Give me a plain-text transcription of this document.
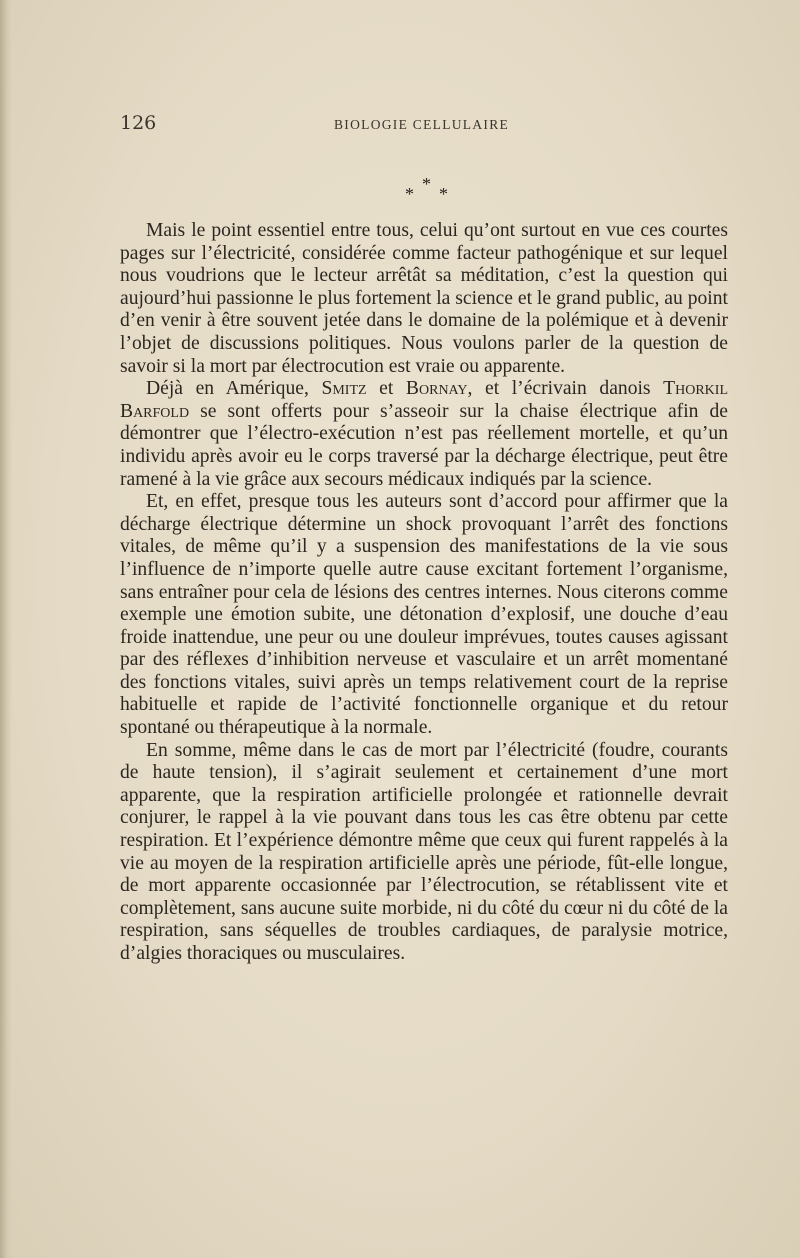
126	BIOLOGIE CELLULAIRE
*
* *

Mais le point essentiel entre tous, celui qu’ont surtout en vue ces courtes pages sur l’électricité, considérée comme facteur pathogénique et sur lequel nous voudrions que le lecteur arrêtât sa méditation, c’est la question qui aujourd’hui passionne le plus fortement la science et le grand public, au point d’en venir à être souvent jetée dans le domaine de la polémique et à devenir l’objet de discussions politiques. Nous voulons parler de la question de savoir si la mort par électrocution est vraie ou apparente.

Déjà en Amérique, Smitz et Bornay, et l’écrivain danois Thorkil Barfold se sont offerts pour s’asseoir sur la chaise électrique afin de démontrer que l’électro-exécution n’est pas réellement mortelle, et qu’un individu après avoir eu le corps traversé par la décharge électrique, peut être ramené à la vie grâce aux secours médicaux indiqués par la science.

Et, en effet, presque tous les auteurs sont d’accord pour affirmer que la décharge électrique détermine un shock provoquant l’arrêt des fonctions vitales, de même qu’il y a suspension des manifestations de la vie sous l’influence de n’importe quelle autre cause excitant fortement l’organisme, sans entraîner pour cela de lésions des centres internes. Nous citerons comme exemple une émotion subite, une détonation d’explosif, une douche d’eau froide inattendue, une peur ou une douleur imprévues, toutes causes agissant par des réflexes d’inhibition nerveuse et vasculaire et un arrêt momentané des fonctions vitales, suivi après un temps relativement court de la reprise habituelle et rapide de l’activité fonctionnelle organique et du retour spontané ou thérapeutique à la normale.

En somme, même dans le cas de mort par l’électricité (foudre, courants de haute tension), il s’agirait seulement et certainement d’une mort apparente, que la respiration artificielle prolongée et rationnelle devrait conjurer, le rappel à la vie pouvant dans tous les cas être obtenu par cette respiration. Et l’expérience démontre même que ceux qui furent rappelés à la vie au moyen de la respiration artificielle après une période, fût-elle longue, de mort apparente occasionnée par l’électrocution, se rétablissent vite et complètement, sans aucune suite morbide, ni du côté du cœur ni du côté de la respiration, sans séquelles de troubles cardiaques, de paralysie motrice, d’algies thoraciques ou musculaires.
